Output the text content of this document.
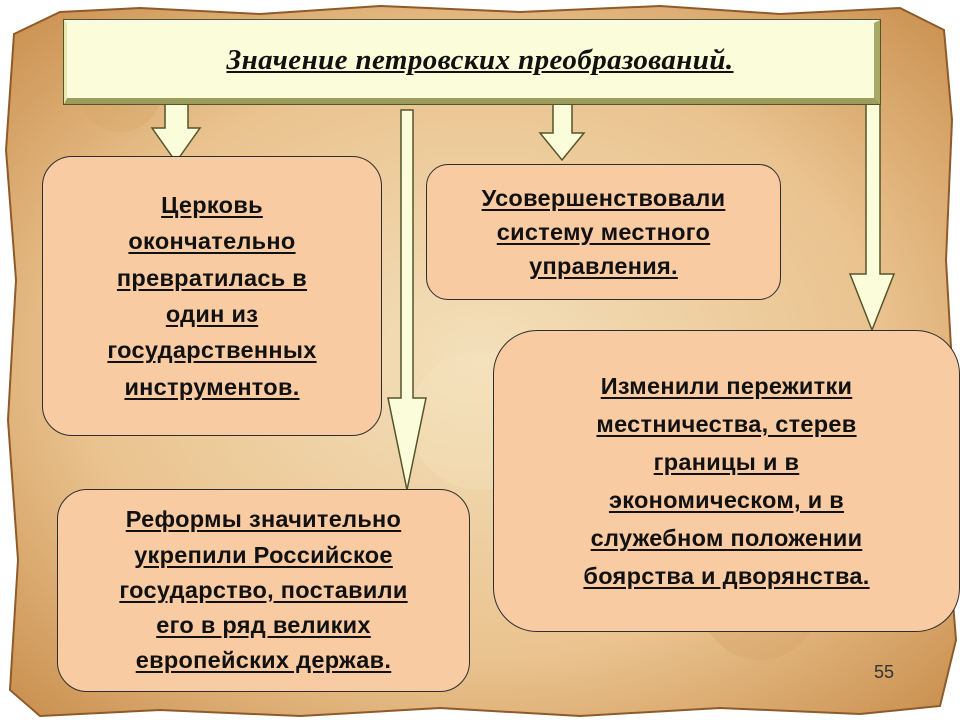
Значение петровских преобразований.
Церковь
окончательно
превратилась в
один из
государственных
инструментов.
Усовершенствовали
систему местного
управления.
Изменили пережитки
местничества, стерев
границы и в
экономическом, и в
служебном положении
боярства и дворянства.
Реформы значительно
укрепили Российское
государство, поставили
его в ряд великих
европейских держав.	55
